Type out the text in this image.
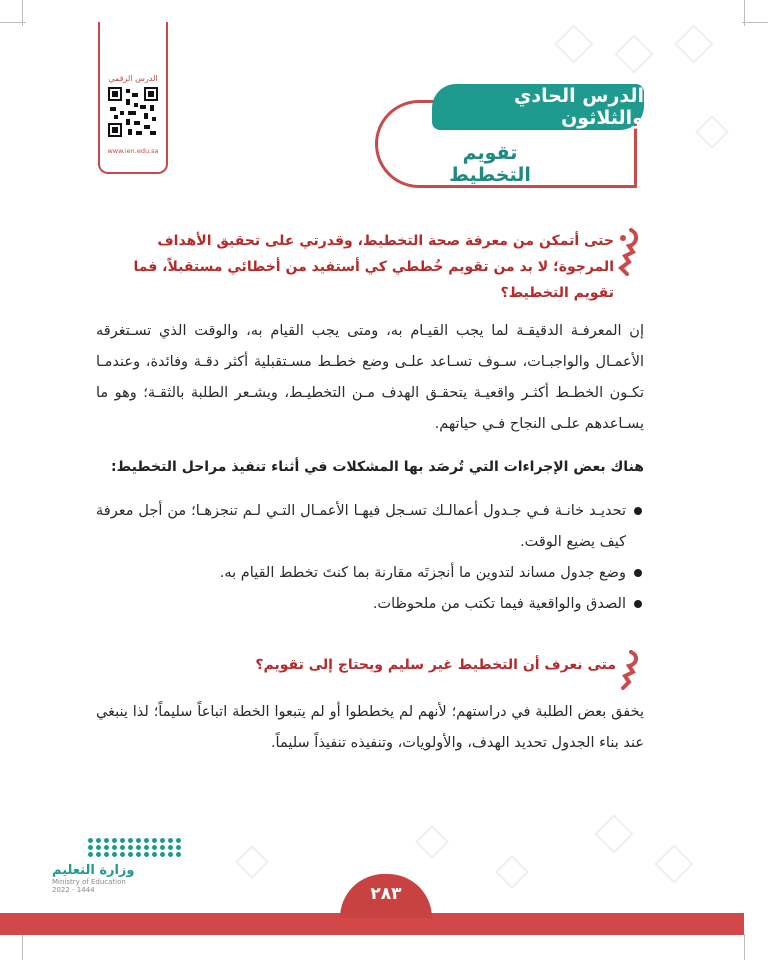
الدرس الرقمي
www.ien.edu.sa
الدرس الحادي والثلاثون
تقويم التخطيط
حتى أتمكن من معرفة صحة التخطيط، وقدرتي على تحقيق الأهداف المرجوة؛ لا بد من تقويم خُططي كي أستفيد من أخطائي مستقبلاً، فما تقويم التخطيط؟

إن المعرفـة الدقيقـة لما يجب القيـام به، ومتى يجب القيام به، والوقت الذي تسـتغرقه الأعمـال والواجبـات، سـوف تسـاعد علـى وضع خطـط مسـتقبلية أكثر دقـة وفائدة، وعندمـا تكـون الخطـط أكثـر واقعيـة يتحقـق الهدف مـن التخطيـط، ويشـعر الطلبة بالثقـة؛ وهو ما يسـاعدهم علـى النجاح فـي حياتهم.

هناك بعض الإجراءات التي تُرصَد بها المشكلات في أثناء تنفيذ مراحل التخطيط:
تحديـد خانـة فـي جـدول أعمالـك تسـجل فيهـا الأعمـال التـي لـم تنجزهـا؛ من أجل معرفة كيف يضيع الوقت.
وضع جدول مساند لتدوين ما أنجزتَه مقارنة بما كنتَ تخطط القيام به.
الصدق والواقعية فيما تكتب من ملحوظات.
متى نعرف أن التخطيط غير سليم ويحتاج إلى تقويم؟

يخفق بعض الطلبة في دراستهم؛ لأنهم لم يخططوا أو لم يتبعوا الخطة اتباعاً سليماً؛ لذا ينبغي عند بناء الجدول تحديد الهدف، والأولويات، وتنفيذه تنفيذاً سليماً.

وزارة التعليم
Ministry of Education
2022 - 1444	٢٨٣
